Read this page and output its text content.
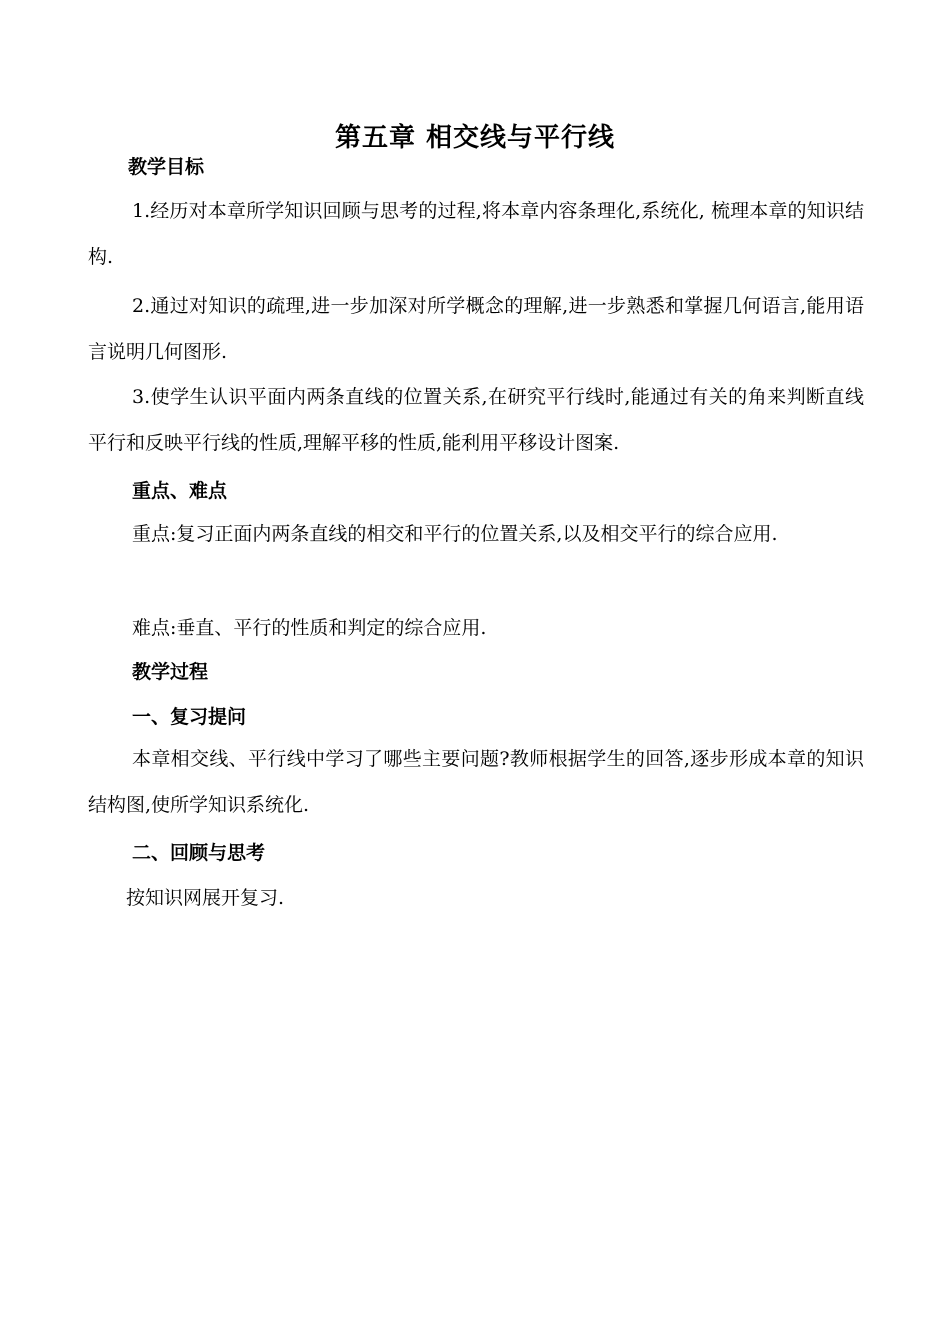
第五章 相交线与平行线
教学目标
1.经历对本章所学知识回顾与思考的过程,将本章内容条理化,系统化, 梳理本章的知识结构.
2.通过对知识的疏理,进一步加深对所学概念的理解,进一步熟悉和掌握几何语言,能用语言说明几何图形.
3.使学生认识平面内两条直线的位置关系,在研究平行线时,能通过有关的角来判断直线平行和反映平行线的性质,理解平移的性质,能利用平移设计图案.
重点、难点
重点:复习正面内两条直线的相交和平行的位置关系,以及相交平行的综合应用.
难点:垂直、平行的性质和判定的综合应用.
教学过程
一、复习提问
本章相交线、平行线中学习了哪些主要问题?教师根据学生的回答,逐步形成本章的知识结构图,使所学知识系统化.
二、回顾与思考
按知识网展开复习.
